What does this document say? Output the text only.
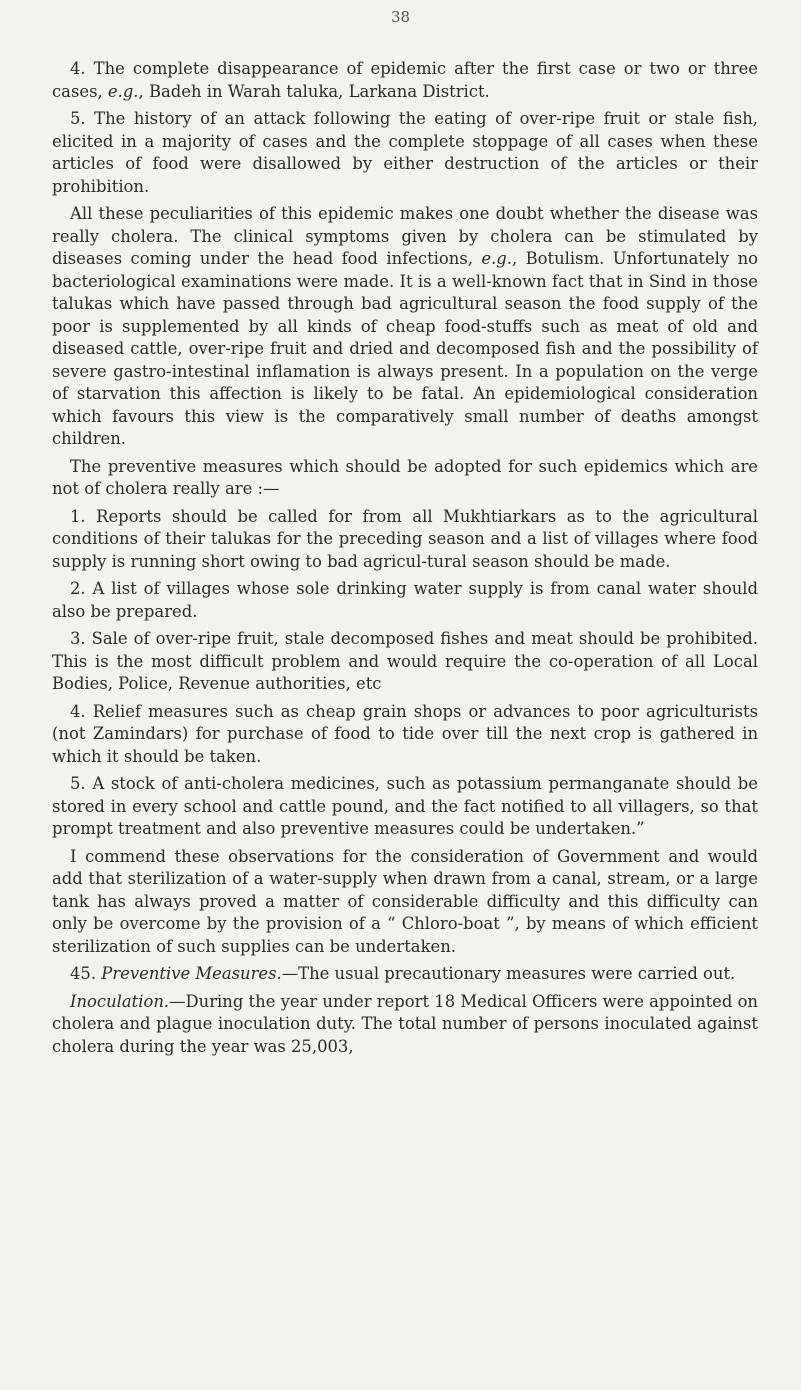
38

4. The complete disappearance of epidemic after the first case or two or three cases, e.g., Badeh in Warah taluka, Larkana District.

5. The history of an attack following the eating of over-ripe fruit or stale fish, elicited in a majority of cases and the complete stoppage of all cases when these articles of food were disallowed by either destruction of the articles or their prohibition.

All these peculiarities of this epidemic makes one doubt whether the disease was really cholera. The clinical symptoms given by cholera can be stimulated by diseases coming under the head food infections, e.g., Botulism. Unfortunately no bacteriological examinations were made. It is a well-known fact that in Sind in those talukas which have passed through bad agricultural season the food supply of the poor is supplemented by all kinds of cheap food-stuffs such as meat of old and diseased cattle, over-ripe fruit and dried and decomposed fish and the possibility of severe gastro-intestinal inflamation is always present. In a population on the verge of starvation this affection is likely to be fatal. An epidemiological consideration which favours this view is the comparatively small number of deaths amongst children.

The preventive measures which should be adopted for such epidemics which are not of cholera really are :—

1. Reports should be called for from all Mukhtiarkars as to the agricultural conditions of their talukas for the preceding season and a list of villages where food supply is running short owing to bad agricul-tural season should be made.

2. A list of villages whose sole drinking water supply is from canal water should also be prepared.

3. Sale of over-ripe fruit, stale decomposed fishes and meat should be prohibited. This is the most difficult problem and would require the co-operation of all Local Bodies, Police, Revenue authorities, etc

4. Relief measures such as cheap grain shops or advances to poor agriculturists (not Zamindars) for purchase of food to tide over till the next crop is gathered in which it should be taken.

5. A stock of anti-cholera medicines, such as potassium permanganate should be stored in every school and cattle pound, and the fact notified to all villagers, so that prompt treatment and also preventive measures could be undertaken.”

I commend these observations for the consideration of Government and would add that sterilization of a water-supply when drawn from a canal, stream, or a large tank has always proved a matter of considerable difficulty and this difficulty can only be overcome by the provision of a “ Chloro-boat ”, by means of which efficient sterilization of such supplies can be undertaken.

45. Preventive Measures.—The usual precautionary measures were carried out.

Inoculation.—During the year under report 18 Medical Officers were appointed on cholera and plague inoculation duty. The total number of persons inoculated against cholera during the year was 25,003,
